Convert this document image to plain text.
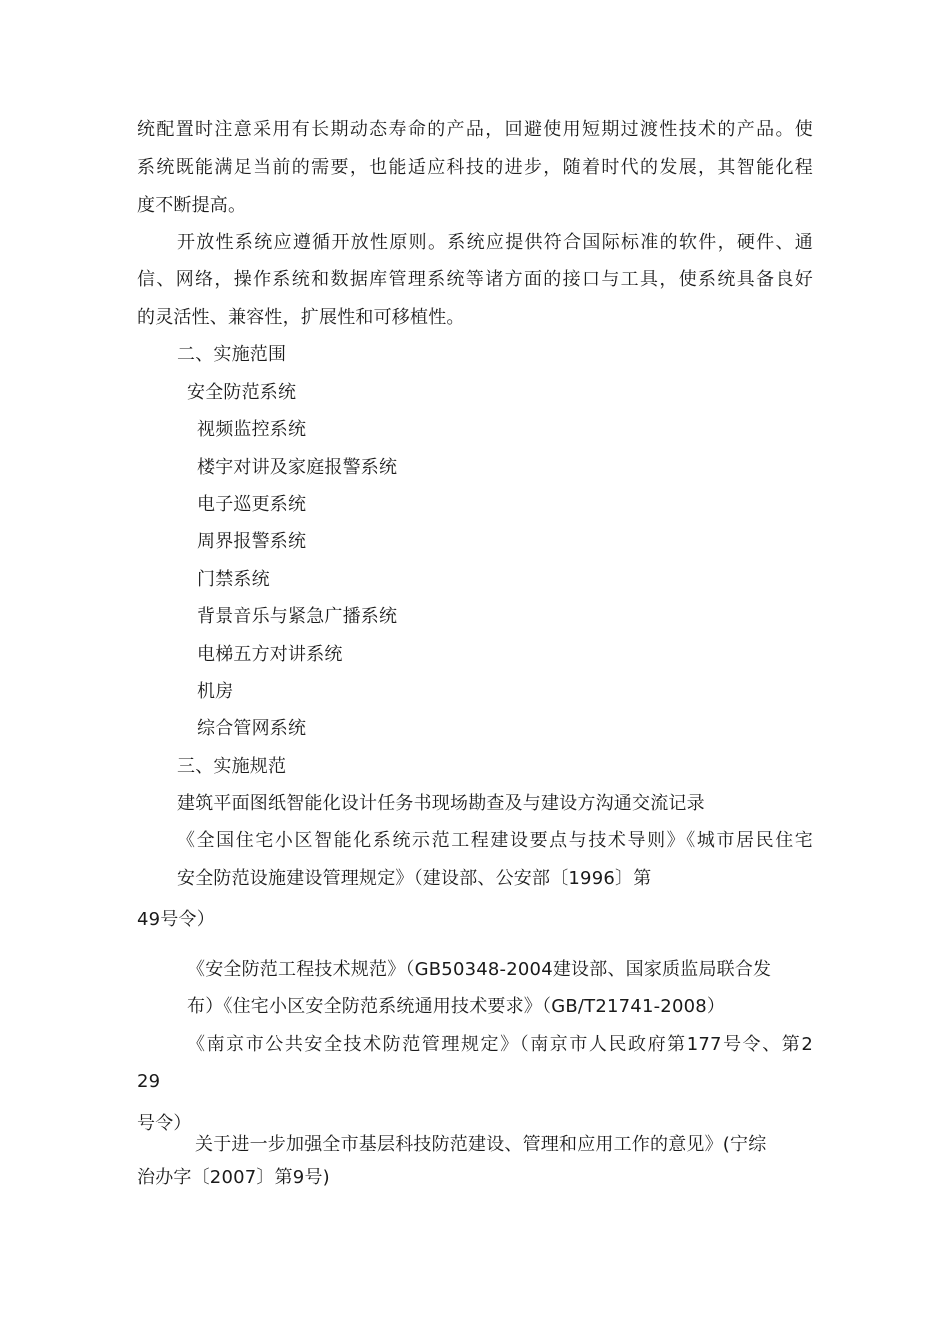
统配置时注意采用有长期动态寿命的产品，回避使用短期过渡性技术的产品。使

系统既能满足当前的需要，也能适应科技的进步，随着时代的发展，其智能化程

度不断提高。

开放性系统应遵循开放性原则。系统应提供符合国际标准的软件，硬件、通

信、网络，操作系统和数据库管理系统等诸方面的接口与工具，使系统具备良好

的灵活性、兼容性，扩展性和可移植性。

二、实施范围

安全防范系统

视频监控系统

楼宇对讲及家庭报警系统

电子巡更系统

周界报警系统

门禁系统

背景音乐与紧急广播系统

电梯五方对讲系统

机房

综合管网系统

三、实施规范

建筑平面图纸智能化设计任务书现场勘查及与建设方沟通交流记录

《全国住宅小区智能化系统示范工程建设要点与技术导则》《城市居民住宅

安全防范设施建设管理规定》（建设部、公安部〔1996〕第

49号令）

《安全防范工程技术规范》（GB50348-2004建设部、国家质监局联合发

布）《住宅小区安全防范系统通用技术要求》（GB/T21741-2008）

《南京市公共安全技术防范管理规定》（南京市人民政府第177号令、第2

29

号令）

关于进一步加强全市基层科技防范建设、管理和应用工作的意见》(宁综

治办字〔2007〕第9号)
